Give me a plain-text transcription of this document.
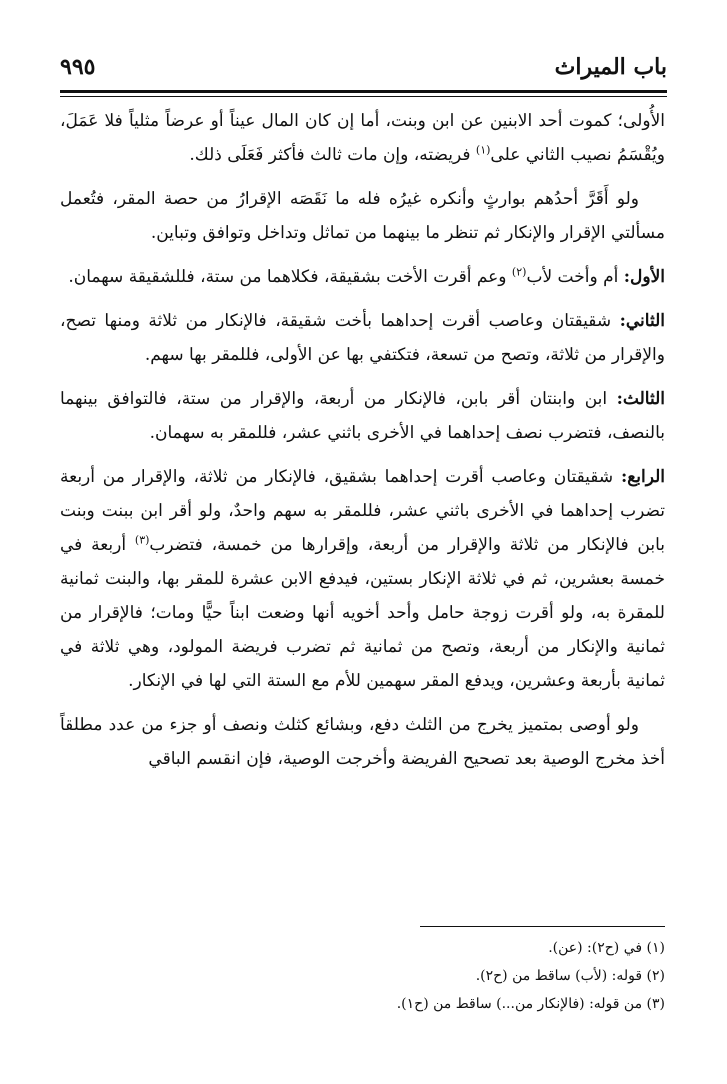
باب الميراث
٩٩٥

الأُولى؛ كموت أحد الابنين عن ابن وبنت، أما إن كان المال عيناً أو عرضاً مثلياً فلا عَمَلَ، ويُقْسَمُ نصيب الثاني على$^{(١)}$ فريضته، وإن مات ثالث فأكثر فَعَلَى ذلك.

ولو أَقَرَّ أحدُهم بوارثٍ وأنكره غيرُه فله ما نَقَصَه الإقرارُ من حصة المقر، فتُعمل مسألتي الإقرار والإنكار ثم تنظر ما بينهما من تماثل وتداخل وتوافق وتباين.

الأول: أم وأخت لأب$^{(٢)}$ وعم أقرت الأخت بشقيقة، فكلاهما من ستة، فللشقيقة سهمان.

الثاني: شقيقتان وعاصب أقرت إحداهما بأخت شقيقة، فالإنكار من ثلاثة ومنها تصح، والإقرار من ثلاثة، وتصح من تسعة، فتكتفي بها عن الأولى، فللمقر بها سهم.

الثالث: ابن وابنتان أقر بابن، فالإنكار من أربعة، والإقرار من ستة، فالتوافق بينهما بالنصف، فتضرب نصف إحداهما في الأخرى باثني عشر، فللمقر به سهمان.

الرابع: شقيقتان وعاصب أقرت إحداهما بشقيق، فالإنكار من ثلاثة، والإقرار من أربعة تضرب إحداهما في الأخرى باثني عشر، فللمقر به سهم واحدٌ، ولو أقر ابن ببنت وبنت بابن فالإنكار من ثلاثة والإقرار من أربعة، وإقرارها من خمسة، فتضرب$^{(٣)}$ أربعة في خمسة بعشرين، ثم في ثلاثة الإنكار بستين، فيدفع الابن عشرة للمقر بها، والبنت ثمانية للمقرة به، ولو أقرت زوجة حامل وأحد أخويه أنها وضعت ابناً حيًّا ومات؛ فالإقرار من ثمانية والإنكار من أربعة، وتصح من ثمانية ثم تضرب فريضة المولود، وهي ثلاثة في ثمانية بأربعة وعشرين، ويدفع المقر سهمين للأم مع الستة التي لها في الإنكار.

ولو أوصى بمتميز يخرج من الثلث دفع، وبشائع كثلث ونصف أو جزء من عدد مطلقاً أخذ مخرج الوصية بعد تصحيح الفريضة وأخرجت الوصية، فإن انقسم الباقي

(١) في (ح٢): (عن).
(٢) قوله: (لأب) ساقط من (ح٢).
(٣) من قوله: (فالإنكار من...) ساقط من (ح١).
